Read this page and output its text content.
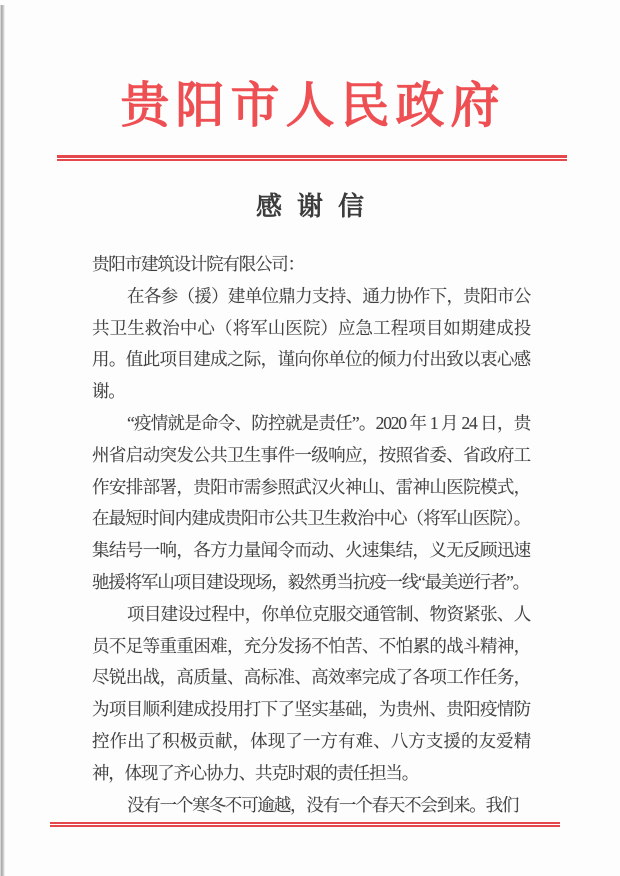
贵阳市人民政府
感谢信

贵阳市建筑设计院有限公司：

在各参（援）建单位鼎力支持、通力协作下，贵阳市公共卫生救治中心（将军山医院）应急工程项目如期建成投用。值此项目建成之际，谨向你单位的倾力付出致以衷心感谢。

“疫情就是命令、防控就是责任”。2020 年 1 月 24 日，贵州省启动突发公共卫生事件一级响应，按照省委、省政府工作安排部署，贵阳市需参照武汉火神山、雷神山医院模式，在最短时间内建成贵阳市公共卫生救治中心（将军山医院）。集结号一响，各方力量闻令而动、火速集结，义无反顾迅速驰援将军山项目建设现场，毅然勇当抗疫一线“最美逆行者”。

项目建设过程中，你单位克服交通管制、物资紧张、人员不足等重重困难，充分发扬不怕苦、不怕累的战斗精神，尽锐出战，高质量、高标准、高效率完成了各项工作任务，为项目顺利建成投用打下了坚实基础，为贵州、贵阳疫情防控作出了积极贡献，体现了一方有难、八方支援的友爱精神，体现了齐心协力、共克时艰的责任担当。

没有一个寒冬不可逾越，没有一个春天不会到来。我们
